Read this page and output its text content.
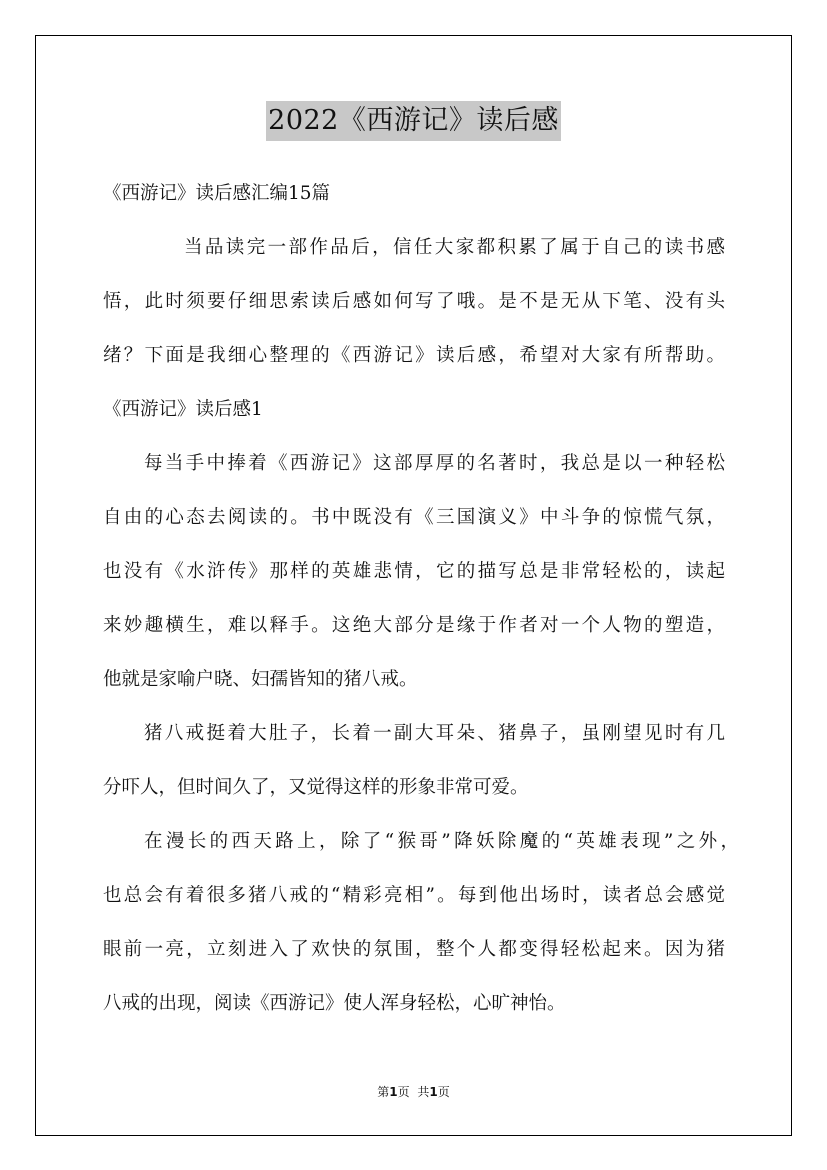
2022《西游记》读后感
《西游记》读后感汇编15篇
当品读完一部作品后，信任大家都积累了属于自己的读书感
悟，此时须要仔细思索读后感如何写了哦。是不是无从下笔、没有头
绪？下面是我细心整理的《西游记》读后感，希望对大家有所帮助。
《西游记》读后感1
每当手中捧着《西游记》这部厚厚的名著时，我总是以一种轻松
自由的心态去阅读的。书中既没有《三国演义》中斗争的惊慌气氛，
也没有《水浒传》那样的英雄悲情，它的描写总是非常轻松的，读起
来妙趣横生，难以释手。这绝大部分是缘于作者对一个人物的塑造，
他就是家喻户晓、妇孺皆知的猪八戒。
猪八戒挺着大肚子，长着一副大耳朵、猪鼻子，虽刚望见时有几
分吓人，但时间久了，又觉得这样的形象非常可爱。
在漫长的西天路上，除了“猴哥”降妖除魔的“英雄表现”之外，
也总会有着很多猪八戒的“精彩亮相”。每到他出场时，读者总会感觉
眼前一亮，立刻进入了欢快的氛围，整个人都变得轻松起来。因为猪
八戒的出现，阅读《西游记》使人浑身轻松，心旷神怡。
第1页 共1页
